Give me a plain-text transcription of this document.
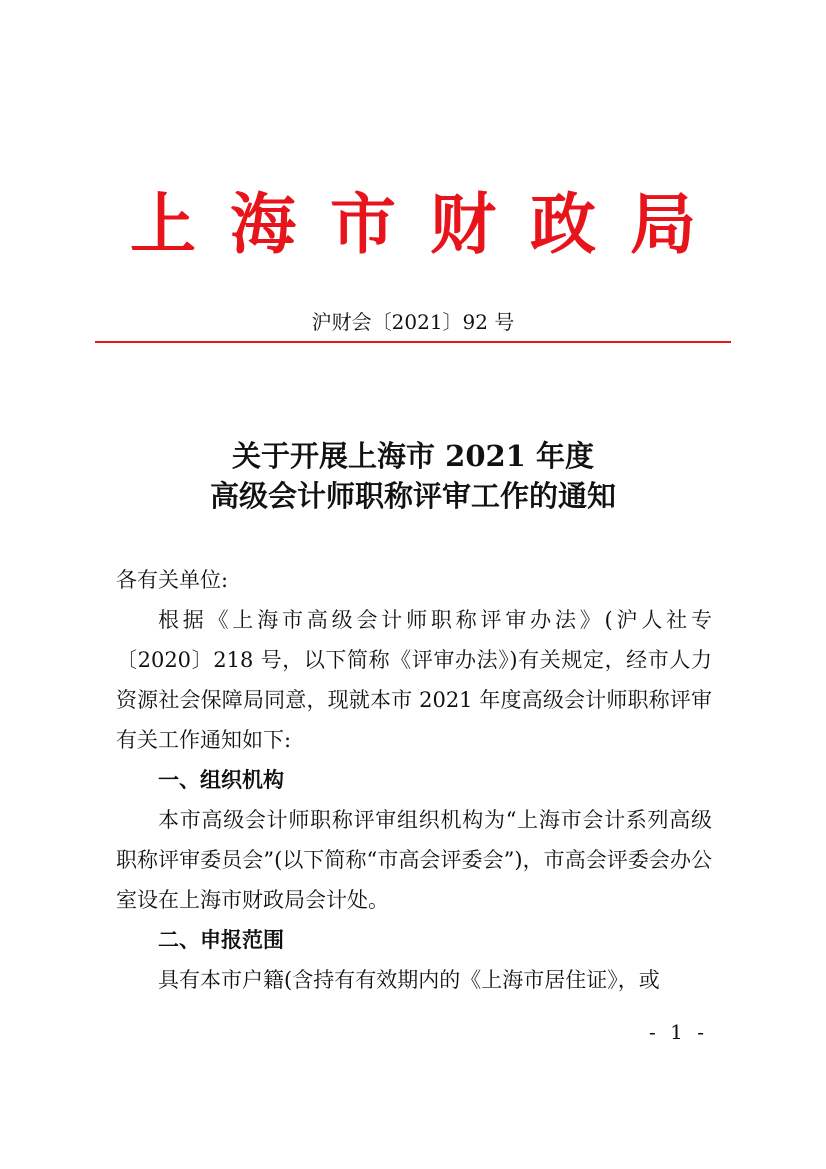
上海市财政局
沪财会〔2021〕92 号
关于开展上海市 2021 年度
高级会计师职称评审工作的通知

各有关单位:

根据《上海市高级会计师职称评审办法》(沪人社专〔2020〕218 号，以下简称《评审办法》)有关规定，经市人力资源社会保障局同意，现就本市 2021 年度高级会计师职称评审有关工作通知如下:

一、组织机构

本市高级会计师职称评审组织机构为“上海市会计系列高级职称评审委员会”(以下简称“市高会评委会”)，市高会评委会办公室设在上海市财政局会计处。

二、申报范围

具有本市户籍(含持有有效期内的《上海市居住证》，或

- 1 -
